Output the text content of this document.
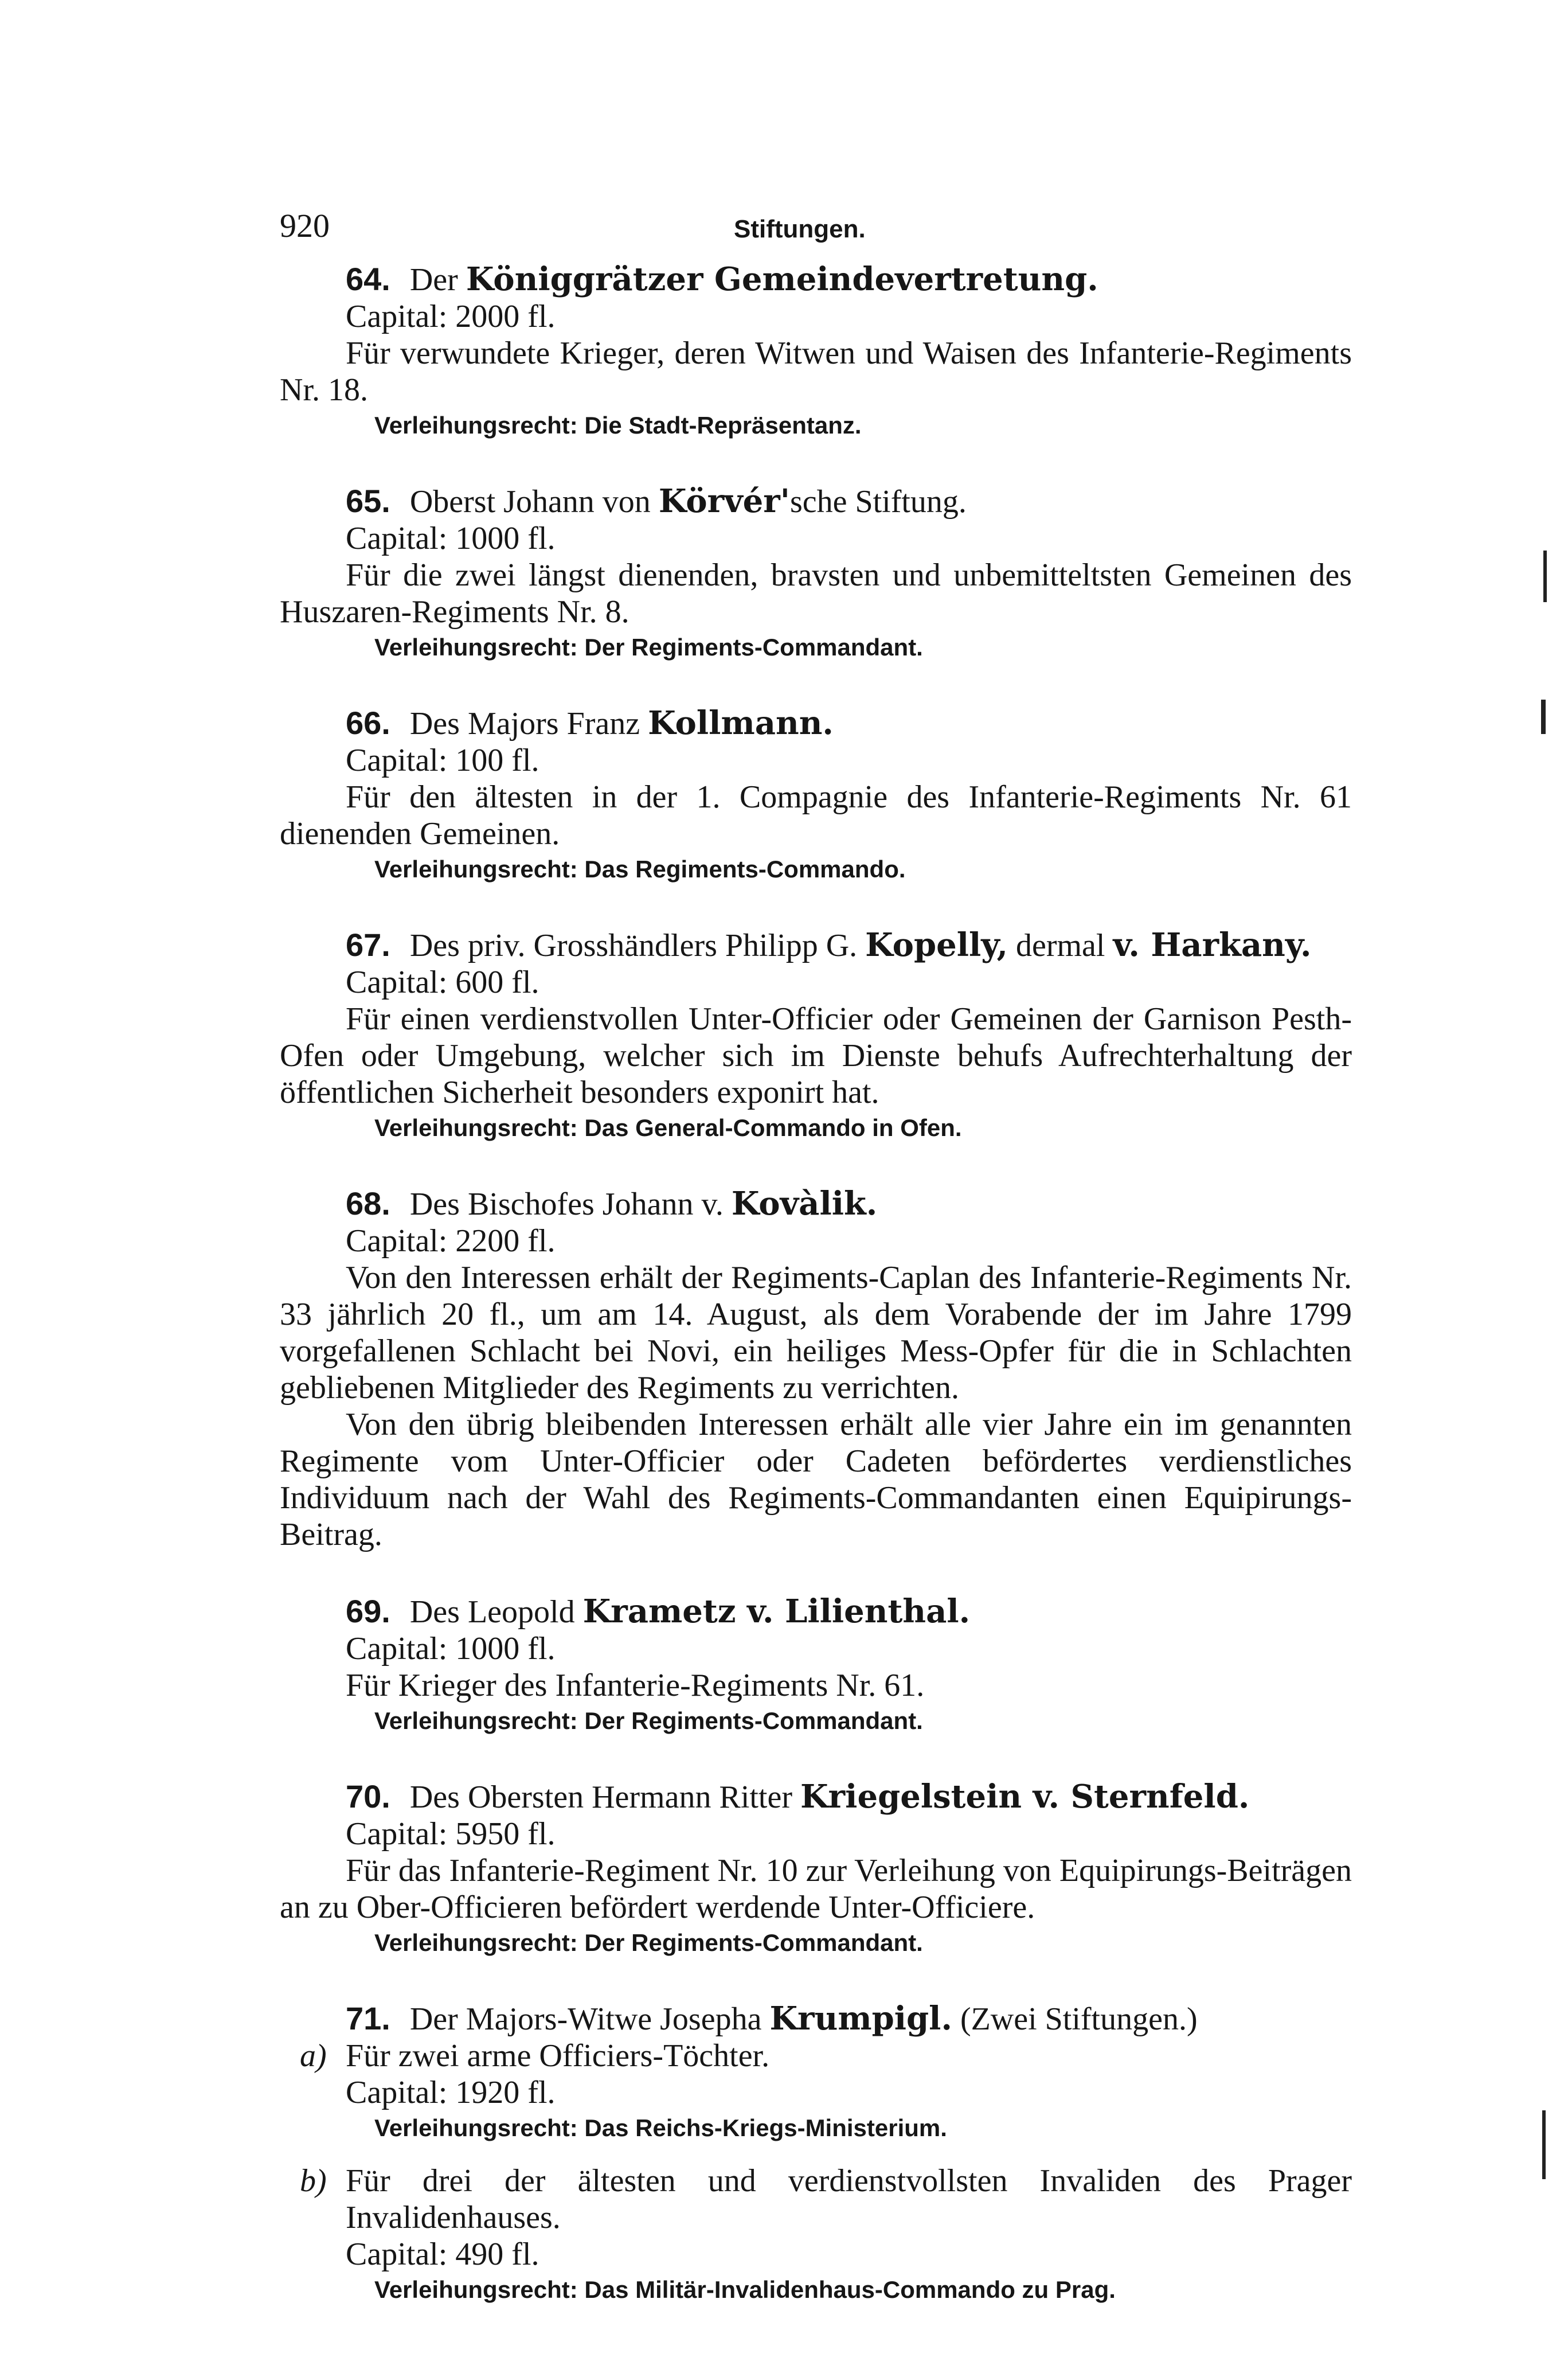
920	Stiftungen.
64. Der Königgrätzer Gemeindevertretung.
Capital: 2000 fl.
Für verwundete Krieger, deren Witwen und Waisen des Infanterie-Regiments Nr. 18.
Verleihungsrecht: Die Stadt-Repräsentanz.
65. Oberst Johann von Körvér'sche Stiftung.
Capital: 1000 fl.
Für die zwei längst dienenden, bravsten und unbemitteltsten Gemeinen des Huszaren-Regiments Nr. 8.
Verleihungsrecht: Der Regiments-Commandant.
66. Des Majors Franz Kollmann.
Capital: 100 fl.
Für den ältesten in der 1. Compagnie des Infanterie-Regiments Nr. 61 dienenden Gemeinen.
Verleihungsrecht: Das Regiments-Commando.
67. Des priv. Grosshändlers Philipp G. Kopelly, dermal v. Harkany.
Capital: 600 fl.
Für einen verdienstvollen Unter-Officier oder Gemeinen der Garnison Pesth-Ofen oder Umgebung, welcher sich im Dienste behufs Aufrechterhaltung der öffentlichen Sicherheit besonders exponirt hat.
Verleihungsrecht: Das General-Commando in Ofen.
68. Des Bischofes Johann v. Kovàlik.
Capital: 2200 fl.
Von den Interessen erhält der Regiments-Caplan des Infanterie-Regiments Nr. 33 jährlich 20 fl., um am 14. August, als dem Vorabende der im Jahre 1799 vorgefallenen Schlacht bei Novi, ein heiliges Mess-Opfer für die in Schlachten gebliebenen Mitglieder des Regiments zu verrichten.
Von den übrig bleibenden Interessen erhält alle vier Jahre ein im genannten Regimente vom Unter-Officier oder Cadeten befördertes verdienstliches Individuum nach der Wahl des Regiments-Commandanten einen Equipirungs-Beitrag.
69. Des Leopold Krametz v. Lilienthal.
Capital: 1000 fl.
Für Krieger des Infanterie-Regiments Nr. 61.
Verleihungsrecht: Der Regiments-Commandant.
70. Des Obersten Hermann Ritter Kriegelstein v. Sternfeld.
Capital: 5950 fl.
Für das Infanterie-Regiment Nr. 10 zur Verleihung von Equipirungs-Beiträgen an zu Ober-Officieren befördert werdende Unter-Officiere.
Verleihungsrecht: Der Regiments-Commandant.
71. Der Majors-Witwe Josepha Krumpigl. (Zwei Stiftungen.)
a) Für zwei arme Officiers-Töchter.
Capital: 1920 fl.
Verleihungsrecht: Das Reichs-Kriegs-Ministerium.
b) Für drei der ältesten und verdienstvollsten Invaliden des Prager Invalidenhauses.
Capital: 490 fl.
Verleihungsrecht: Das Militär-Invalidenhaus-Commando zu Prag.
